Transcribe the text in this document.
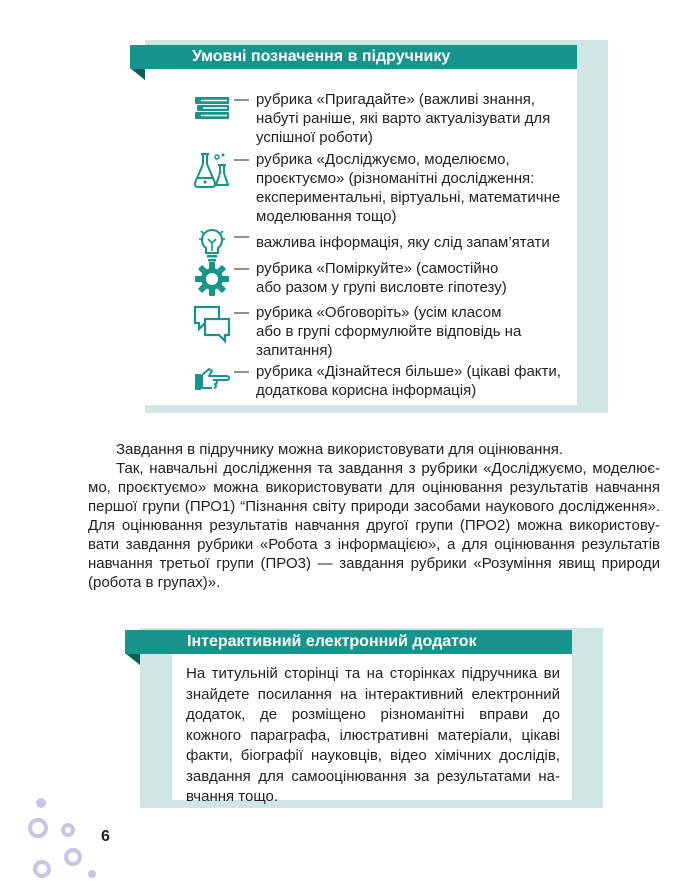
Умовні позначення в підручнику
— рубрика «Пригадайте» (важливі знання, набуті раніше, які варто актуалізувати для успішної роботи)
— рубрика «Досліджуємо, моделюємо, проєктуємо» (різноманітні дослідження: експериментальні, віртуальні, математичне моделювання тощо)
— важлива інформація, яку слід запам’ятати
— рубрика «Поміркуйте» (самостійно або разом у групі висловте гіпотезу)
— рубрика «Обговоріть» (усім класом або в групі сформулюйте відповідь на запитання)
— рубрика «Дізнайтеся більше» (цікаві факти, додаткова корисна інформація)
Завдання в підручнику можна використовувати для оцінювання.
Так, навчальні дослідження та завдання з рубрики «Досліджуємо, моделюємо, проєктуємо» можна використовувати для оцінювання результатів навчання першої групи (ПРО1) “Пізнання світу природи засобами наукового дослідження». Для оцінювання результатів навчання другої групи (ПРО2) можна використовувати завдання рубрики «Робота з інформацією», а для оцінювання результатів навчання третьої групи (ПРО3) — завдання рубрики «Розуміння явищ природи (робота в групах)».
Інтерактивний електронний додаток
На титульній сторінці та на сторінках підручника ви знайдете посилання на інтерактивний електронний додаток, де розміщено різноманітні вправи до кожного параграфа, ілюстративні матеріали, цікаві факти, біографії науковців, відео хімічних дослідів, завдання для самооцінювання за результатами навчання тощо.
6
